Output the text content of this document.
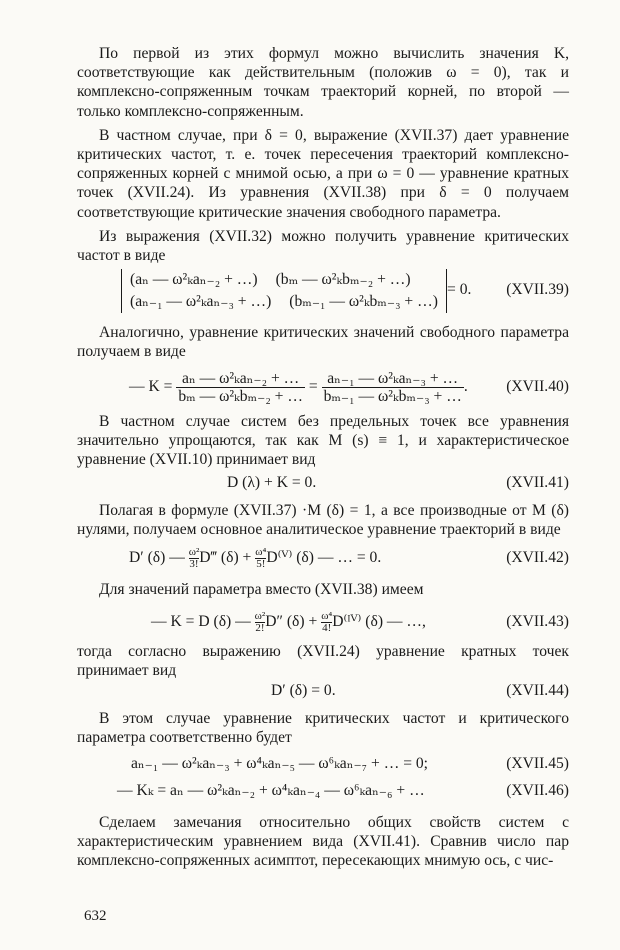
По первой из этих формул можно вычислить значения K, соответствующие как действительным (положив ω = 0), так и комплексно-сопряженным точкам траекторий корней, по второй — только комплексно-сопряженным.

В частном случае, при δ = 0, выражение (XVII.37) дает уравнение критических частот, т. е. точек пересечения траекторий комплексно-сопряженных корней с мнимой осью, а при ω = 0 — уравнение кратных точек (XVII.24). Из уравнения (XVII.38) при δ = 0 получаем соответствующие критические значения свободного параметра.

Из выражения (XVII.32) можно получить уравнение критических частот в виде

(aₙ — ω²ₖaₙ₋₂ + …) (bₘ — ω²ₖbₘ₋₂ + …)
(aₙ₋₁ — ω²ₖaₙ₋₃ + …) (bₘ₋₁ — ω²ₖbₘ₋₃ + …)
= 0. (XVII.39)

Аналогично, уравнение критических значений свободного параметра получаем в виде

— $K = \frac{\text{aₙ — ω²ₖaₙ₋₂ + …}}{\text{bₘ — ω²ₖbₘ₋₂ + …}} = \frac{\text{aₙ₋₁ — ω²ₖaₙ₋₃ + …}}{\text{bₘ₋₁ — ω²ₖbₘ₋₃ + …}}$ . (XVII.40)

В частном случае систем без предельных точек все уравнения значительно упрощаются, так как M (s) ≡ 1, и характеристическое уравнение (XVII.10) принимает вид

D (λ) + K = 0.	(XVII.41)

Полагая в формуле (XVII.37) ·M (δ) = 1, а все производные от M (δ) нулями, получаем основное аналитическое уравнение траекторий в виде

D′ (δ) — $\frac{\text{ω²}}{3!}$ D‴ $(\delta) + \frac{\text{ω⁴}}{5!}$ D⁽ⱽ⁾ (δ) — … = 0.	(XVII.42)

Для значений параметра вместо (XVII.38) имеем

— K = D (δ) — $\frac{\text{ω²}}{2!} D''$ $(\delta) + \frac{\text{ω⁴}}{4!}$ D⁽ᴵⱽ⁾ (δ) — …,	(XVII.43)

тогда согласно выражению (XVII.24) уравнение кратных точек принимает вид

D′ (δ) = 0.	(XVII.44)

В этом случае уравнение критических частот и критического параметра соответственно будет

aₙ₋₁ — ω²ₖaₙ₋₃ + ω⁴ₖaₙ₋₅ — ω⁶ₖaₙ₋₇ + … = 0;	(XVII.45)
— Kₖ = aₙ — ω²ₖaₙ₋₂ + ω⁴ₖaₙ₋₄ — ω⁶ₖaₙ₋₆ + …	(XVII.46)

Сделаем замечания относительно общих свойств систем с характеристическим уравнением вида (XVII.41). Сравнив число пар комплексно-сопряженных асимптот, пересекающих мнимую ось, с чис-

632
